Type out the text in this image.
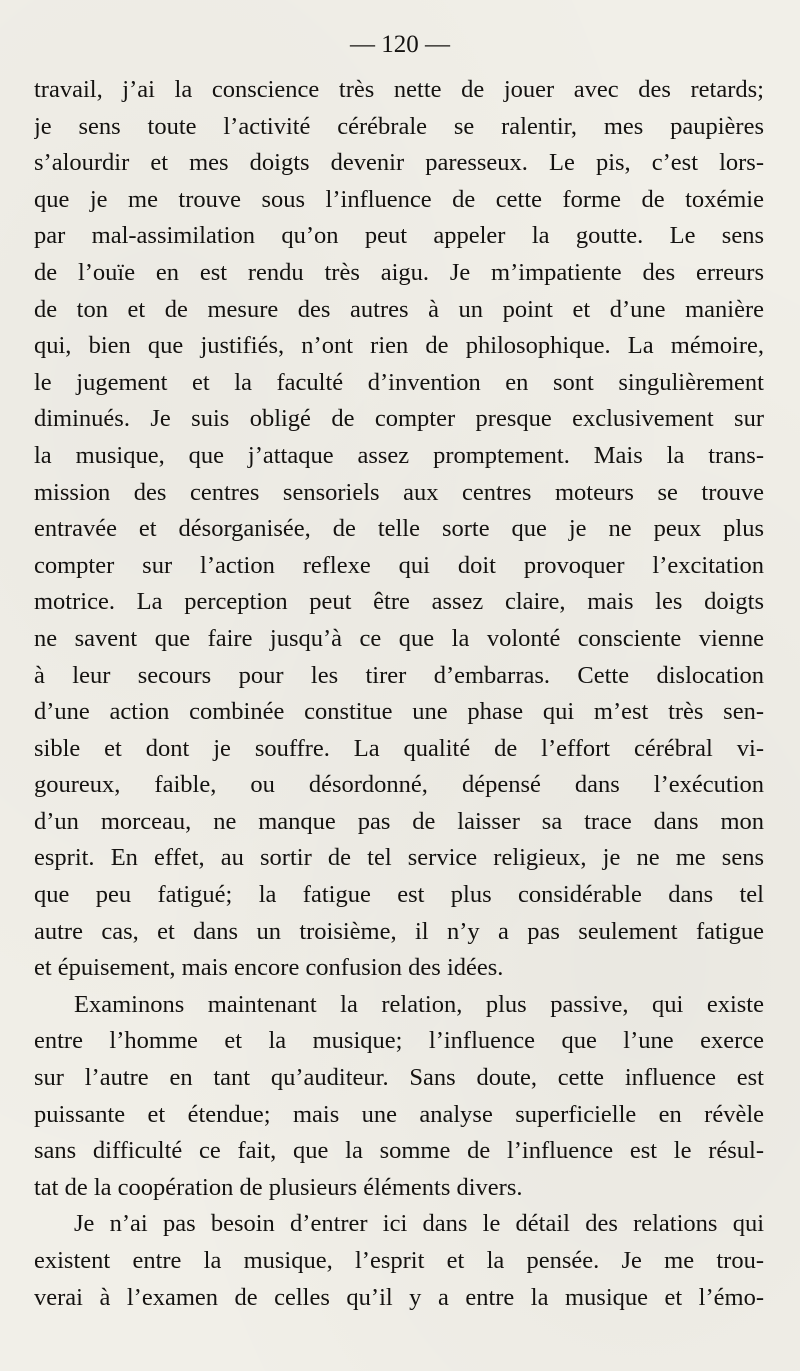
— 120 —
travail, j’ai la conscience très nette de jouer avec des retards;
je sens toute l’activité cérébrale se ralentir, mes paupières
s’alourdir et mes doigts devenir paresseux. Le pis, c’est lors-
que je me trouve sous l’influence de cette forme de toxémie
par mal-assimilation qu’on peut appeler la goutte. Le sens
de l’ouïe en est rendu très aigu. Je m’impatiente des erreurs
de ton et de mesure des autres à un point et d’une manière
qui, bien que justifiés, n’ont rien de philosophique. La mémoire,
le jugement et la faculté d’invention en sont singulièrement
diminués. Je suis obligé de compter presque exclusivement sur
la musique, que j’attaque assez promptement. Mais la trans-
mission des centres sensoriels aux centres moteurs se trouve
entravée et désorganisée, de telle sorte que je ne peux plus
compter sur l’action reflexe qui doit provoquer l’excitation
motrice. La perception peut être assez claire, mais les doigts
ne savent que faire jusqu’à ce que la volonté consciente vienne
à leur secours pour les tirer d’embarras. Cette dislocation
d’une action combinée constitue une phase qui m’est très sen-
sible et dont je souffre. La qualité de l’effort cérébral vi-
goureux, faible, ou désordonné, dépensé dans l’exécution
d’un morceau, ne manque pas de laisser sa trace dans mon
esprit. En effet, au sortir de tel service religieux, je ne me sens
que peu fatigué; la fatigue est plus considérable dans tel
autre cas, et dans un troisième, il n’y a pas seulement fatigue
et épuisement, mais encore confusion des idées.
Examinons maintenant la relation, plus passive, qui existe
entre l’homme et la musique; l’influence que l’une exerce
sur l’autre en tant qu’auditeur. Sans doute, cette influence est
puissante et étendue; mais une analyse superficielle en révèle
sans difficulté ce fait, que la somme de l’influence est le résul-
tat de la coopération de plusieurs éléments divers.
Je n’ai pas besoin d’entrer ici dans le détail des relations qui
existent entre la musique, l’esprit et la pensée. Je me trou-
verai à l’examen de celles qu’il y a entre la musique et l’émo-
